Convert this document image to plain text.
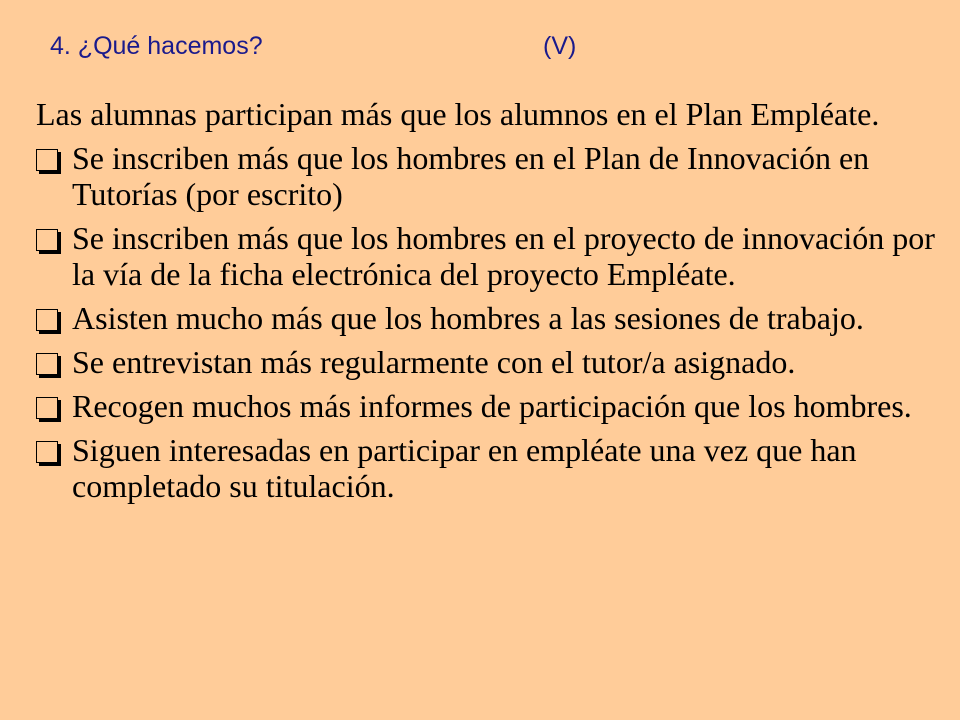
4. ¿Qué hacemos?	(V)

Las alumnas participan más que los alumnos en el Plan Empléate.

Se inscriben más que los hombres en el Plan de Innovación en Tutorías (por escrito)
Se inscriben más que los hombres en el proyecto de innovación por la vía de la ficha electrónica del proyecto Empléate.
Asisten mucho más que los hombres a las sesiones de trabajo.
Se entrevistan más regularmente con el tutor/a asignado.
Recogen muchos más informes de participación que los hombres.
Siguen interesadas en participar en empléate una vez que han completado su titulación.
